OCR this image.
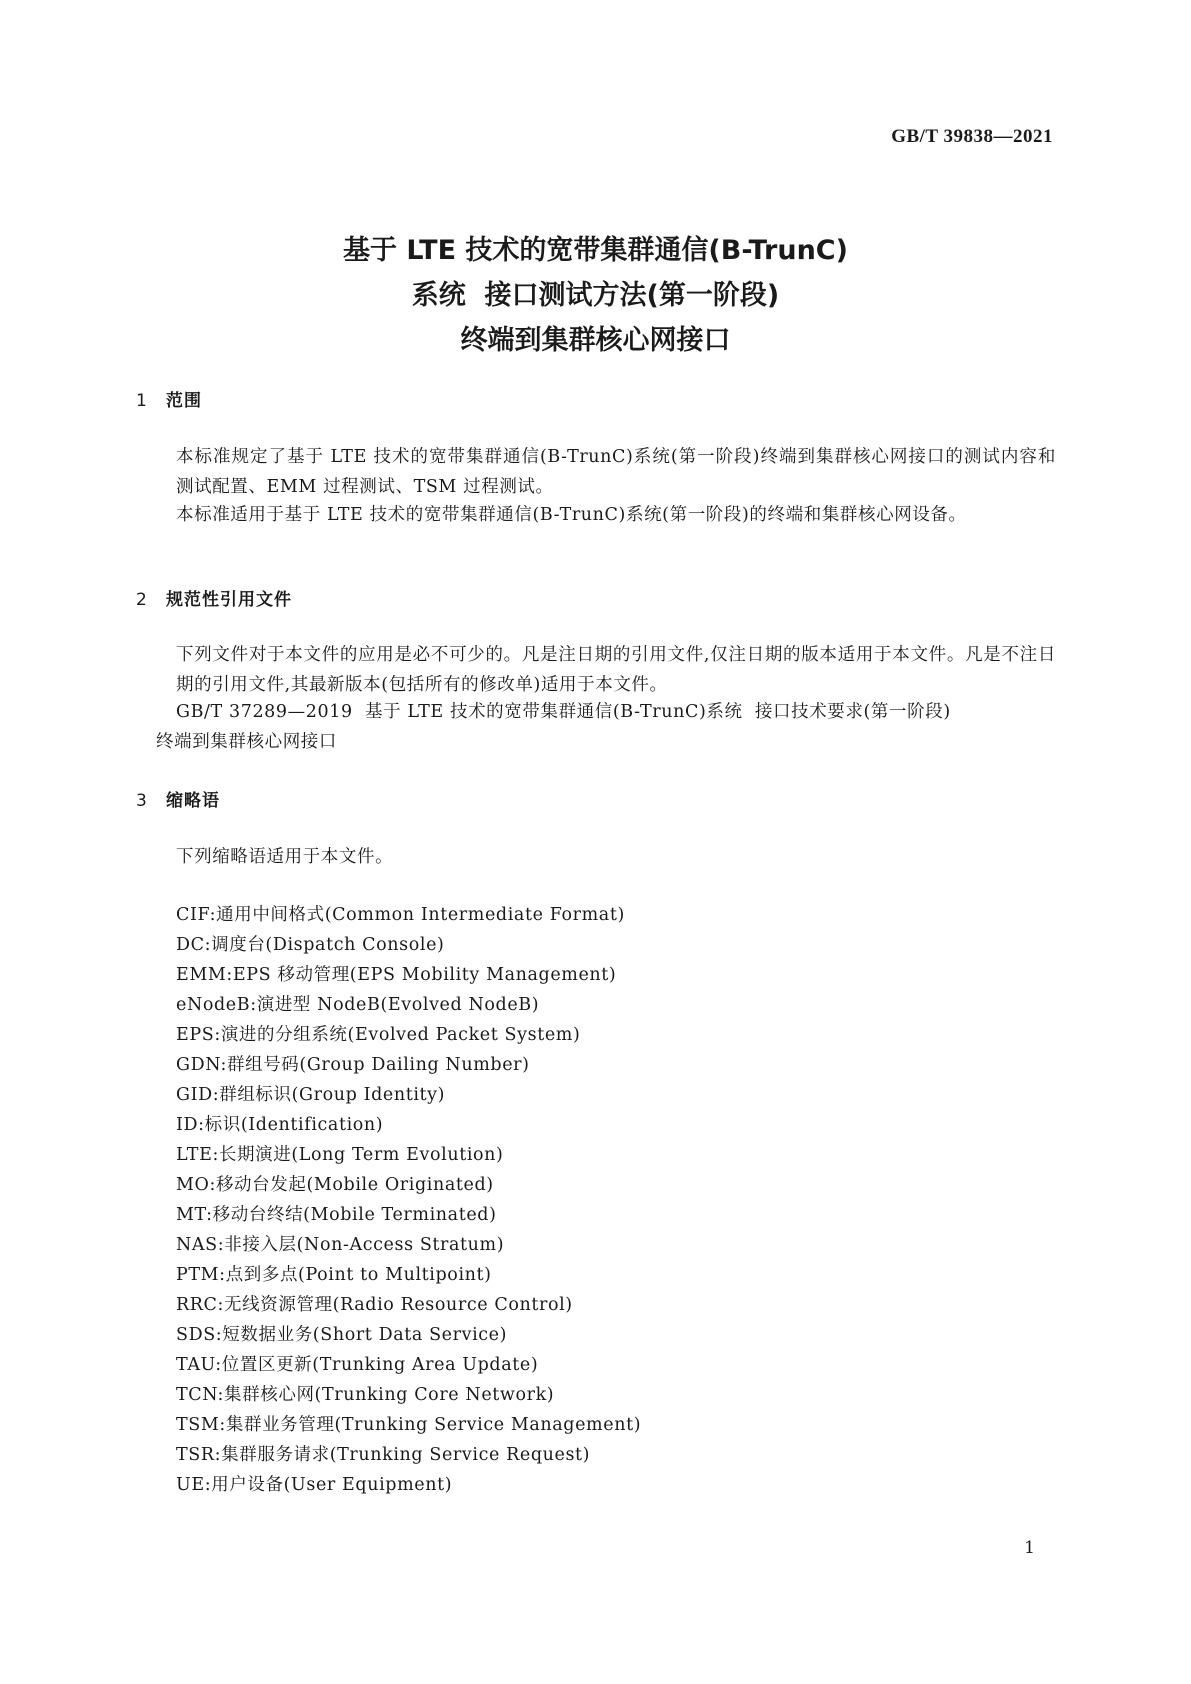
GB/T 39838—2021
基于 LTE 技术的宽带集群通信(B-TrunC)
系统  接口测试方法(第一阶段)
终端到集群核心网接口
1 范围
本标准规定了基于 LTE 技术的宽带集群通信(B-TrunC)系统(第一阶段)终端到集群核心网接口的测试内容和测试配置、EMM 过程测试、TSM 过程测试。
本标准适用于基于 LTE 技术的宽带集群通信(B-TrunC)系统(第一阶段)的终端和集群核心网设备。
2 规范性引用文件
下列文件对于本文件的应用是必不可少的。凡是注日期的引用文件,仅注日期的版本适用于本文件。凡是不注日期的引用文件,其最新版本(包括所有的修改单)适用于本文件。
GB/T 37289—2019  基于 LTE 技术的宽带集群通信(B-TrunC)系统  接口技术要求(第一阶段)
终端到集群核心网接口
3 缩略语
下列缩略语适用于本文件。
CIF:通用中间格式(Common Intermediate Format)
DC:调度台(Dispatch Console)
EMM:EPS 移动管理(EPS Mobility Management)
eNodeB:演进型 NodeB(Evolved NodeB)
EPS:演进的分组系统(Evolved Packet System)
GDN:群组号码(Group Dailing Number)
GID:群组标识(Group Identity)
ID:标识(Identification)
LTE:长期演进(Long Term Evolution)
MO:移动台发起(Mobile Originated)
MT:移动台终结(Mobile Terminated)
NAS:非接入层(Non-Access Stratum)
PTM:点到多点(Point to Multipoint)
RRC:无线资源管理(Radio Resource Control)
SDS:短数据业务(Short Data Service)
TAU:位置区更新(Trunking Area Update)
TCN:集群核心网(Trunking Core Network)
TSM:集群业务管理(Trunking Service Management)
TSR:集群服务请求(Trunking Service Request)
UE:用户设备(User Equipment)
1
